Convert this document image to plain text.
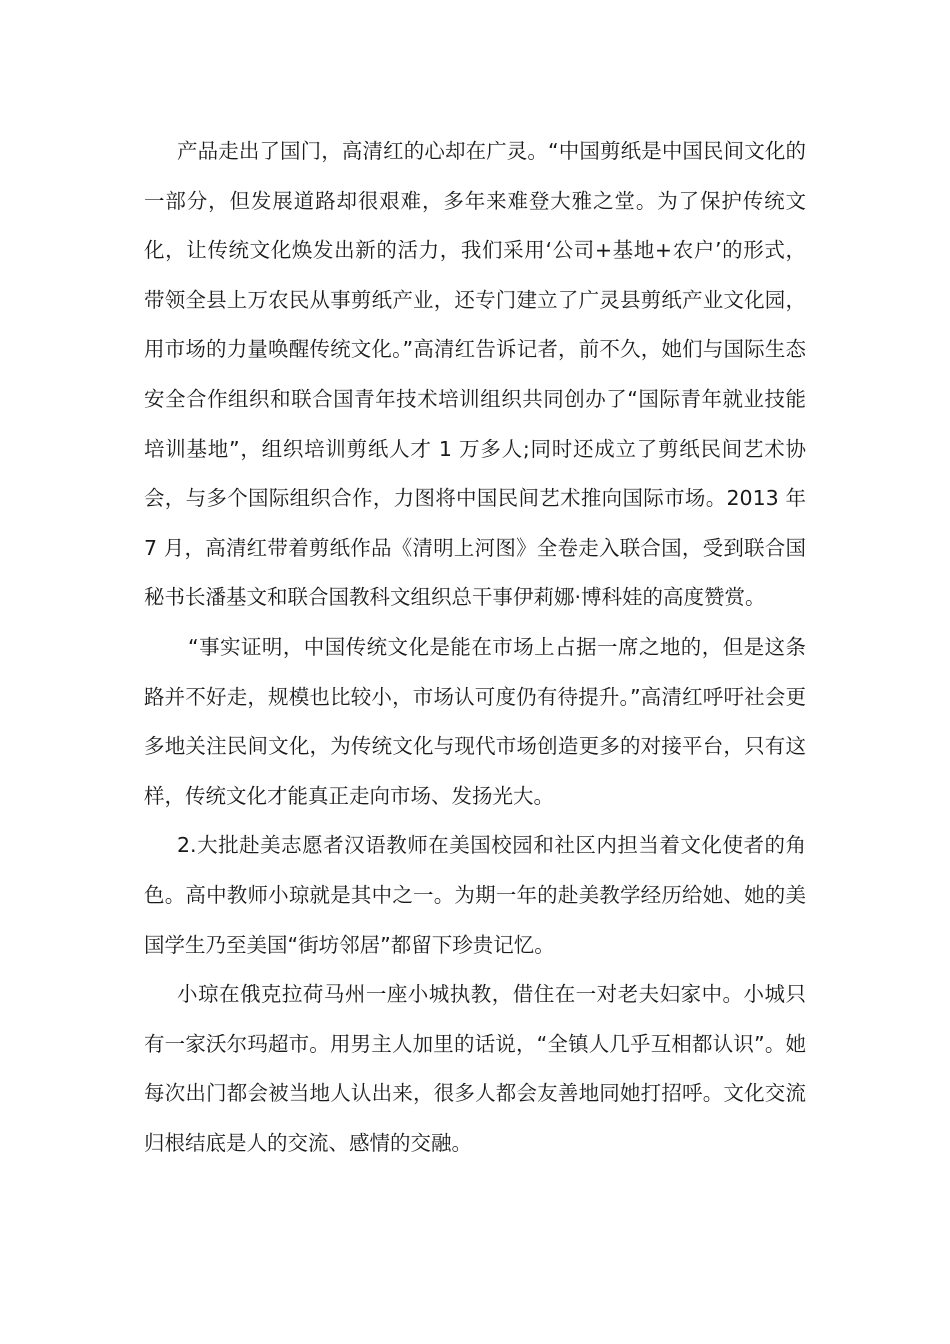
产品走出了国门，高清红的心却在广灵。“中国剪纸是中国民间文化的一部分，但发展道路却很艰难，多年来难登大雅之堂。为了保护传统文化，让传统文化焕发出新的活力，我们采用‘公司+基地+农户’的形式，带领全县上万农民从事剪纸产业，还专门建立了广灵县剪纸产业文化园，用市场的力量唤醒传统文化。”高清红告诉记者，前不久，她们与国际生态安全合作组织和联合国青年技术培训组织共同创办了“国际青年就业技能培训基地”，组织培训剪纸人才 1 万多人;同时还成立了剪纸民间艺术协会，与多个国际组织合作，力图将中国民间艺术推向国际市场。2013 年 7 月，高清红带着剪纸作品《清明上河图》全卷走入联合国，受到联合国秘书长潘基文和联合国教科文组织总干事伊莉娜·博科娃的高度赞赏。

“事实证明，中国传统文化是能在市场上占据一席之地的，但是这条路并不好走，规模也比较小，市场认可度仍有待提升。”高清红呼吁社会更多地关注民间文化，为传统文化与现代市场创造更多的对接平台，只有这样，传统文化才能真正走向市场、发扬光大。

2.大批赴美志愿者汉语教师在美国校园和社区内担当着文化使者的角色。高中教师小琼就是其中之一。为期一年的赴美教学经历给她、她的美国学生乃至美国“街坊邻居”都留下珍贵记忆。

小琼在俄克拉荷马州一座小城执教，借住在一对老夫妇家中。小城只有一家沃尔玛超市。用男主人加里的话说，“全镇人几乎互相都认识”。她每次出门都会被当地人认出来，很多人都会友善地同她打招呼。文化交流归根结底是人的交流、感情的交融。
